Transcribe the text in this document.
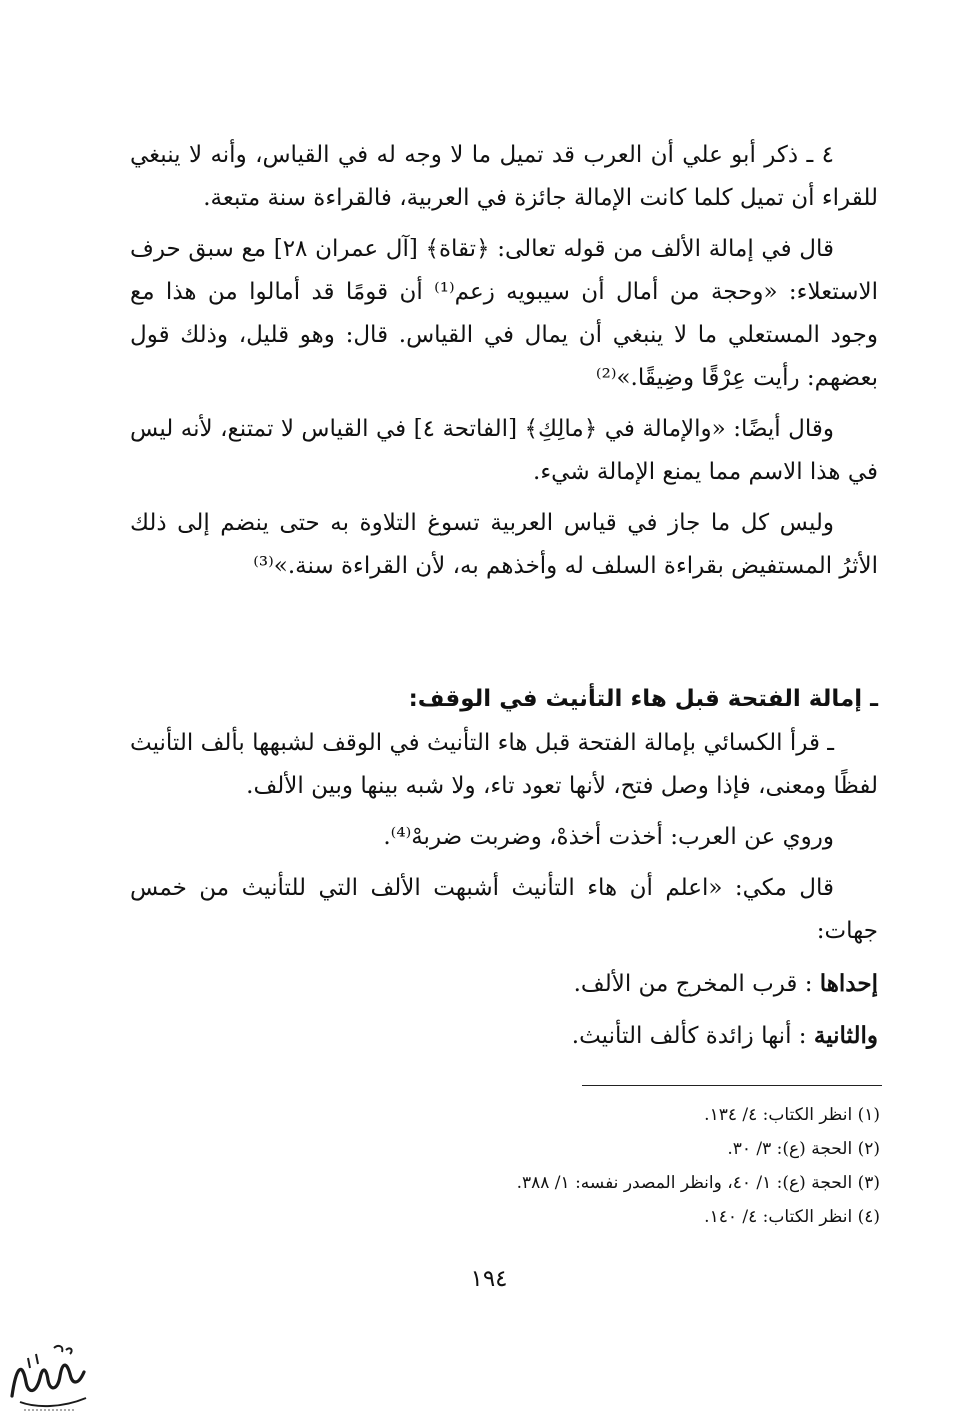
٤ ـ ذكر أبو علي أن العرب قد تميل ما لا وجه له في القياس، وأنه لا ينبغي للقراء أن تميل كلما كانت الإمالة جائزة في العربية، فالقراءة سنة متبعة.

قال في إمالة الألف من قوله تعالى: ﴿تقاة﴾ [آل عمران ٢٨] مع سبق حرف الاستعلاء: «وحجة من أمال أن سيبويه زعم⁽¹⁾ أن قومًا قد أمالوا من هذا مع وجود المستعلي ما لا ينبغي أن يمال في القياس. قال: وهو قليل، وذلك قول بعضهم: رأيت عِرْقًا وضِيقًا.»⁽²⁾

وقال أيضًا: «والإمالة في ﴿مالِكِ﴾ [الفاتحة ٤] في القياس لا تمتنع، لأنه ليس في هذا الاسم مما يمنع الإمالة شيء.

وليس كل ما جاز في قياس العربية تسوغ التلاوة به حتى ينضم إلى ذلك الأثرُ المستفيض بقراءة السلف له وأخذهم به، لأن القراءة سنة.»⁽³⁾

ـ إمالة الفتحة قبل هاء التأنيث في الوقف:

ـ قرأ الكسائي بإمالة الفتحة قبل هاء التأنيث في الوقف لشبهها بألف التأنيث لفظًا ومعنى، فإذا وصل فتح، لأنها تعود تاء، ولا شبه بينها وبين الألف.

وروي عن العرب: أخذت أخذهْ، وضربت ضربهْ⁽⁴⁾.

قال مكي: «اعلم أن هاء التأنيث أشبهت الألف التي للتأنيث من خمس جهات:

إحداها : قرب المخرج من الألف.
والثانية : أنها زائدة كألف التأنيث.
(١) انظر الكتاب: ٤/ ١٣٤.
(٢) الحجة (ع): ٣/ ٣٠.
(٣) الحجة (ع): ١/ ٤٠، وانظر المصدر نفسه: ١/ ٣٨٨.
(٤) انظر الكتاب: ٤/ ١٤٠.
١٩٤
